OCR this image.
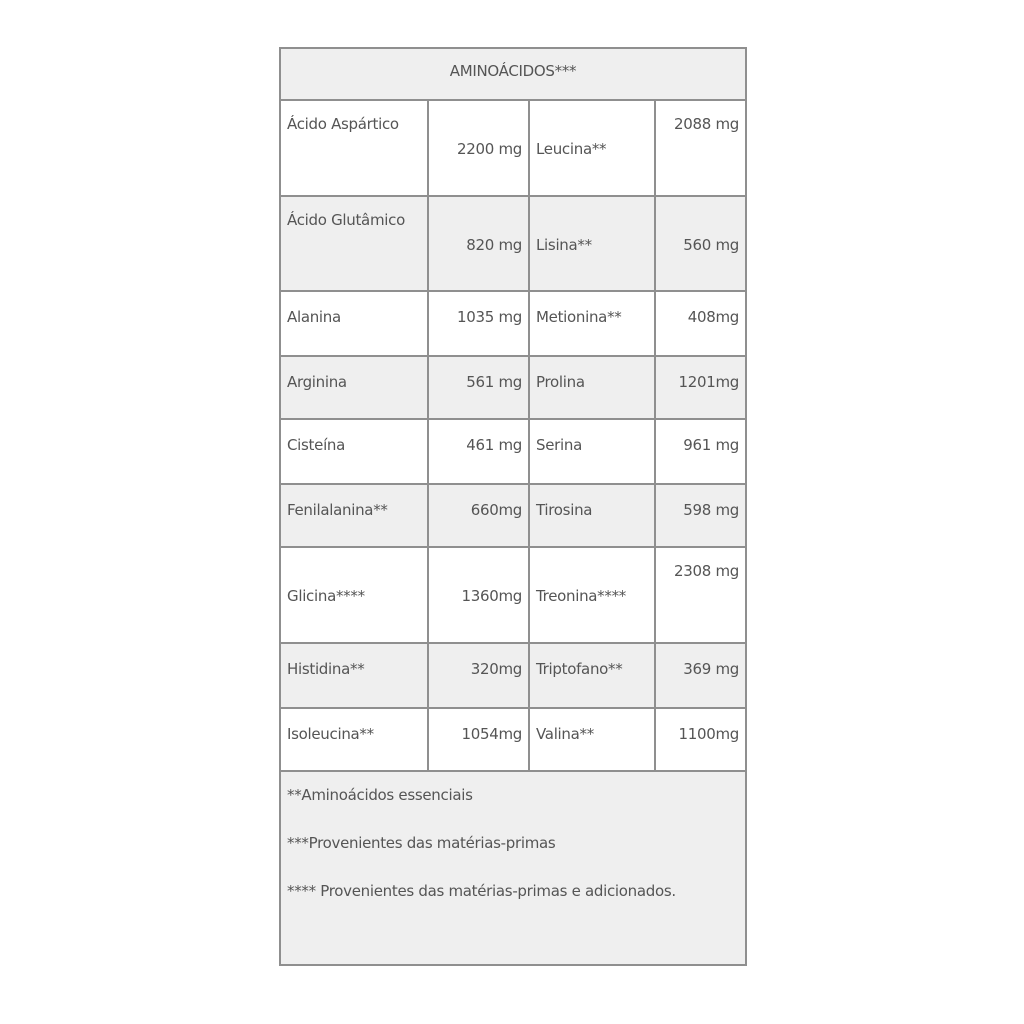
AMINOÁCIDOS***			
Ácido Aspártico	2200 mg	Leucina**	2088 mg
Ácido Glutâmico	820 mg	Lisina**	560 mg
Alanina	1035 mg	Metionina**	408mg
Arginina	561 mg	Prolina	1201mg
Cisteína	461 mg	Serina	961 mg
Fenilalanina**	660mg	Tirosina	598 mg
Glicina****	1360mg	Treonina****	2308 mg
Histidina**	320mg	Triptofano**	369 mg
Isoleucina**	1054mg	Valina**	1100mg

**Aminoácidos essenciais

***Provenientes das matérias-primas

**** Provenientes das matérias-primas e adicionados.			
